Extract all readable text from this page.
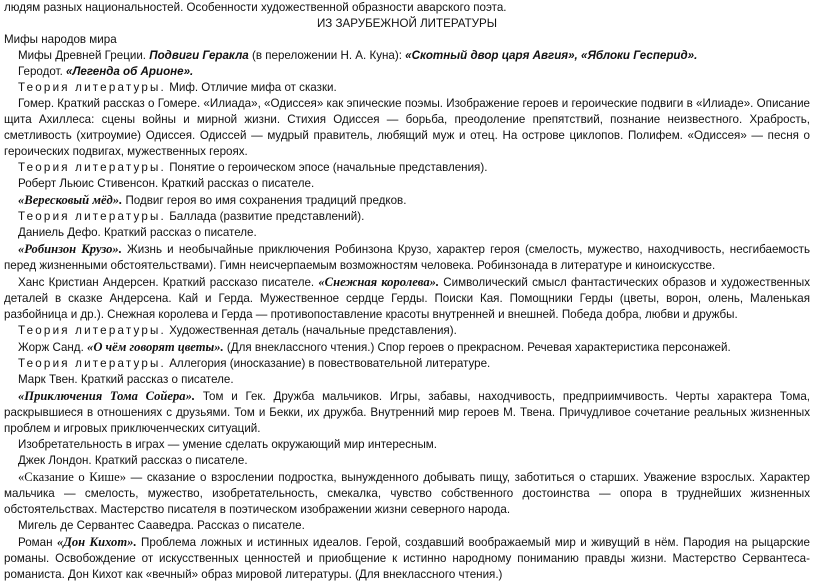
людям разных национальностей. Особенности художественной образности аварского поэта.

ИЗ ЗАРУБЕЖНОЙ ЛИТЕРАТУРЫ

Мифы народов мира

Мифы Древней Греции. Подвиги Геракла (в переложении Н. А. Куна): «Скотный двор царя Авгия», «Яблоки Гесперид».

Геродот. «Легенда об Арионе».

Теория литературы. Миф. Отличие мифа от сказки.

Гомер. Краткий рассказ о Гомере. «Илиада», «Одиссея» как эпические поэмы. Изображение героев и героические подвиги в «Илиаде». Описание щита Ахиллеса: сцены войны и мирной жизни. Стихия Одиссея — борьба, преодоление препятствий, познание неизвестного. Храбрость, сметливость (хитроумие) Одиссея. Одиссей — мудрый правитель, любящий муж и отец. На острове циклопов. Полифем. «Одиссея» — песня о героических подвигах, мужественных героях.

Теория литературы. Понятие о героическом эпосе (начальные представления).

Роберт Льюис Стивенсон. Краткий рассказ о писателе.

«Вересковый мёд». Подвиг героя во имя сохранения традиций предков.

Теория литературы. Баллада (развитие представлений).

Даниель Дефо. Краткий рассказ о писателе.

«Робинзон Крузо». Жизнь и необычайные приключения Робинзона Крузо, характер героя (смелость, мужество, находчивость, несгибаемость перед жизненными обстоятельствами). Гимн неисчерпаемым возможностям человека. Робинзонада в литературе и киноискусстве.

Ханс Кристиан Андерсен. Краткий рассказо писателе. «Снежная королева». Символический смысл фантастических образов и художественных деталей в сказке Андерсена. Кай и Герда. Мужественное сердце Герды. Поиски Кая. Помощники Герды (цветы, ворон, олень, Маленькая разбойница и др.). Снежная королева и Герда — противопоставление красоты внутренней и внешней. Победа добра, любви и дружбы.

Теория литературы. Художественная деталь (начальные представления).

Жорж Санд. «О чём говорят цветы». (Для внеклассного чтения.) Спор героев о прекрасном. Речевая характеристика персонажей.

Теория литературы. Аллегория (иносказание) в повествовательной литературе.

Марк Твен. Краткий рассказ о писателе.

«Приключения Тома Сойера». Том и Гек. Дружба мальчиков. Игры, забавы, находчивость, предприимчивость. Черты характера Тома, раскрывшиеся в отношениях с друзьями. Том и Бекки, их дружба. Внутренний мир героев М. Твена. Причудливое сочетание реальных жизненных проблем и игровых приключенческих ситуаций.

Изобретательность в играх — умение сделать окружающий мир интересным.

Джек Лондон. Краткий рассказ о писателе.

«Сказание о Кише» — сказание о взрослении подростка, вынужденного добывать пищу, заботиться о старших. Уважение взрослых. Характер мальчика — смелость, мужество, изобретательность, смекалка, чувство собственного достоинства — опора в труднейших жизненных обстоятельствах. Мастерство писателя в поэтическом изображении жизни северного народа.

Мигель де Сервантес Сааведра. Рассказ о писателе.

Роман «Дон Кихот». Проблема ложных и истинных идеалов. Герой, создавший воображаемый мир и живущий в нём. Пародия на рыцарские романы. Освобождение от искусственных ценностей и приобщение к истинно народному пониманию правды жизни. Мастерство Сервантеса-романиста. Дон Кихот как «вечный» образ мировой литературы. (Для внеклассного чтения.)
